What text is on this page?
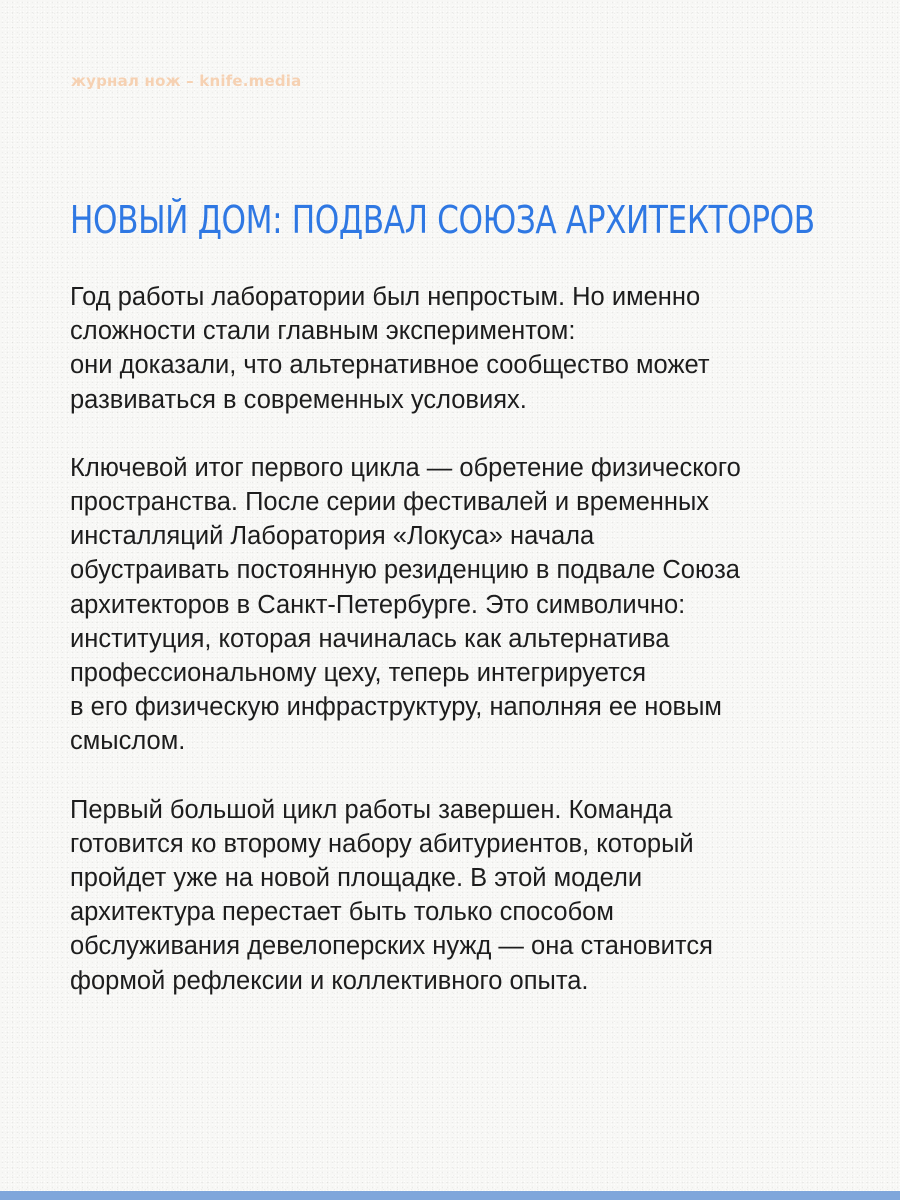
журнал нож – knife.media
НОВЫЙ ДОМ: ПОДВАЛ СОЮЗА АРХИТЕКТОРОВ

Год работы лаборатории был непростым. Но именно
сложности стали главным экспериментом:
они доказали, что альтернативное сообщество может
развиваться в современных условиях.

Ключевой итог первого цикла — обретение физического
пространства. После серии фестивалей и временных
инсталляций Лаборатория «Локуса» начала
обустраивать постоянную резиденцию в подвале Союза
архитекторов в Санкт-Петербурге. Это символично:
институция, которая начиналась как альтернатива
профессиональному цеху, теперь интегрируется
в его физическую инфраструктуру, наполняя ее новым
смыслом.

Первый большой цикл работы завершен. Команда
готовится ко второму набору абитуриентов, который
пройдет уже на новой площадке. В этой модели
архитектура перестает быть только способом
обслуживания девелоперских нужд — она становится
формой рефлексии и коллективного опыта.
